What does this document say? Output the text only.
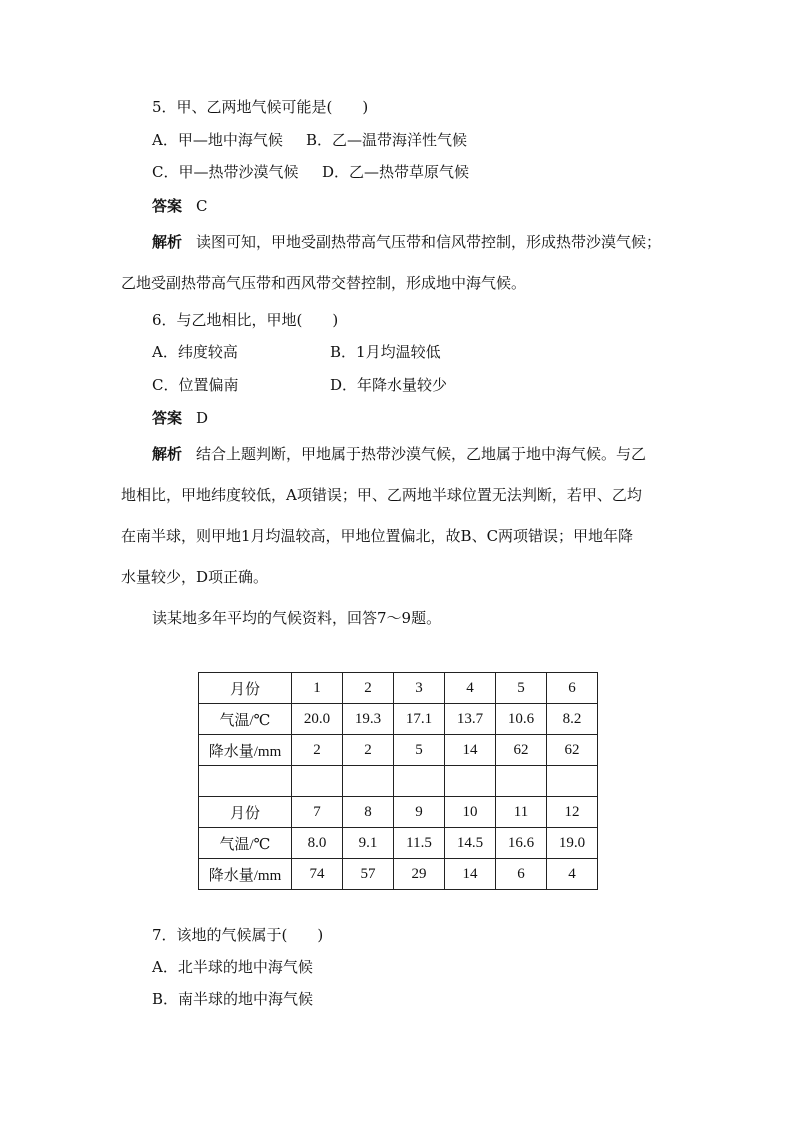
5．甲、乙两地气候可能是(　　)
A．甲—地中海气候 B．乙—温带海洋性气候
C．甲—热带沙漠气候 D．乙—热带草原气候
答案 C
解析 读图可知，甲地受副热带高气压带和信风带控制，形成热带沙漠气候；
乙地受副热带高气压带和西风带交替控制，形成地中海气候。
6．与乙地相比，甲地(　　)
A．纬度较高	B．1月均温较低
C．位置偏南	D．年降水量较少
答案 D
解析 结合上题判断，甲地属于热带沙漠气候，乙地属于地中海气候。与乙
地相比，甲地纬度较低，A项错误；甲、乙两地半球位置无法判断，若甲、乙均
在南半球，则甲地1月均温较高，甲地位置偏北，故B、C两项错误；甲地年降
水量较少，D项正确。
读某地多年平均的气候资料，回答7～9题。
月份	1	2	3	4	5	6
气温/℃	20.0	19.3	17.1	13.7	10.6	8.2
降水量/mm	2	2	5	14	62	62

月份	7	8	9	10	11	12
气温/℃	8.0	9.1	11.5	14.5	16.6	19.0
降水量/mm	74	57	29	14	6	4
7．该地的气候属于(　　)
A．北半球的地中海气候
B．南半球的地中海气候
